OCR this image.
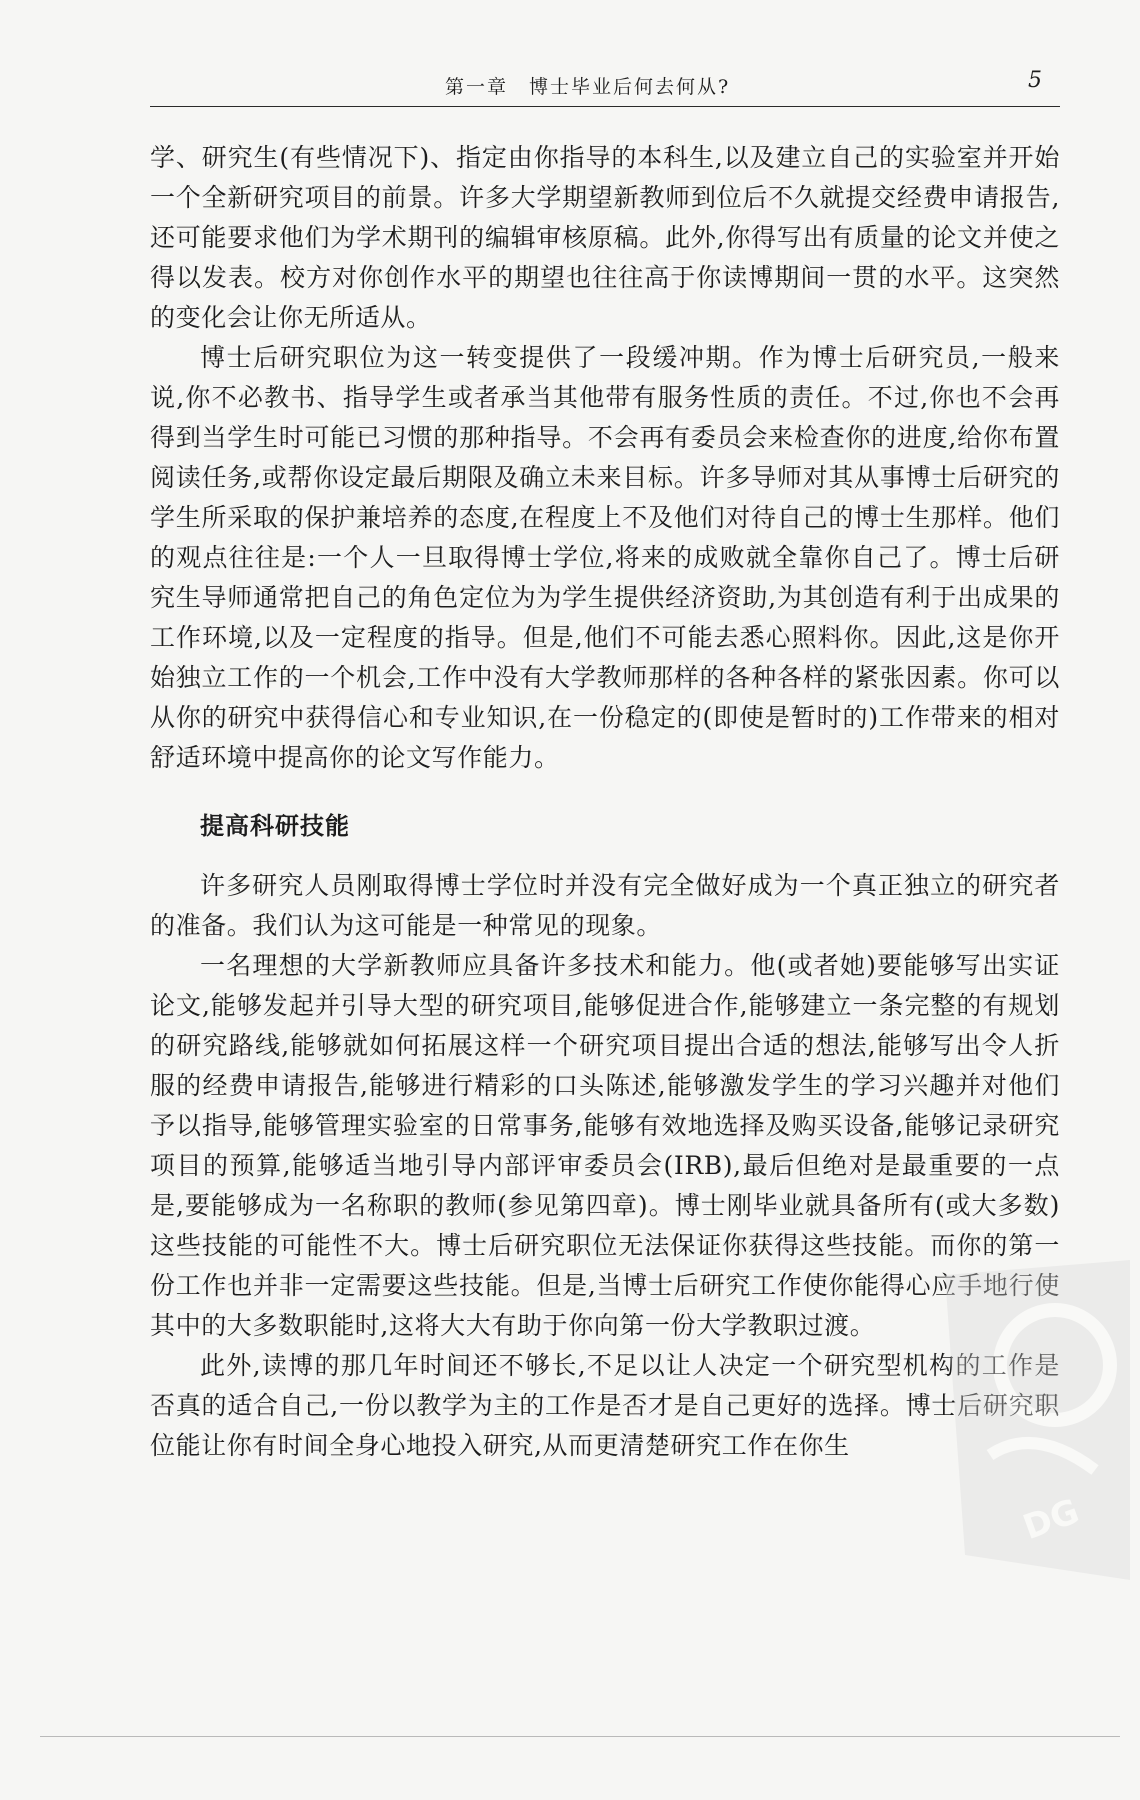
第一章　博士毕业后何去何从?	5

学、研究生(有些情况下)、指定由你指导的本科生,以及建立自己的实验室并开始一个全新研究项目的前景。许多大学期望新教师到位后不久就提交经费申请报告,还可能要求他们为学术期刊的编辑审核原稿。此外,你得写出有质量的论文并使之得以发表。校方对你创作水平的期望也往往高于你读博期间一贯的水平。这突然的变化会让你无所适从。

博士后研究职位为这一转变提供了一段缓冲期。作为博士后研究员,一般来说,你不必教书、指导学生或者承当其他带有服务性质的责任。不过,你也不会再得到当学生时可能已习惯的那种指导。不会再有委员会来检查你的进度,给你布置阅读任务,或帮你设定最后期限及确立未来目标。许多导师对其从事博士后研究的学生所采取的保护兼培养的态度,在程度上不及他们对待自己的博士生那样。他们的观点往往是:一个人一旦取得博士学位,将来的成败就全靠你自己了。博士后研究生导师通常把自己的角色定位为为学生提供经济资助,为其创造有利于出成果的工作环境,以及一定程度的指导。但是,他们不可能去悉心照料你。因此,这是你开始独立工作的一个机会,工作中没有大学教师那样的各种各样的紧张因素。你可以从你的研究中获得信心和专业知识,在一份稳定的(即使是暂时的)工作带来的相对舒适环境中提高你的论文写作能力。

提高科研技能

许多研究人员刚取得博士学位时并没有完全做好成为一个真正独立的研究者的准备。我们认为这可能是一种常见的现象。

一名理想的大学新教师应具备许多技术和能力。他(或者她)要能够写出实证论文,能够发起并引导大型的研究项目,能够促进合作,能够建立一条完整的有规划的研究路线,能够就如何拓展这样一个研究项目提出合适的想法,能够写出令人折服的经费申请报告,能够进行精彩的口头陈述,能够激发学生的学习兴趣并对他们予以指导,能够管理实验室的日常事务,能够有效地选择及购买设备,能够记录研究项目的预算,能够适当地引导内部评审委员会(IRB),最后但绝对是最重要的一点是,要能够成为一名称职的教师(参见第四章)。博士刚毕业就具备所有(或大多数)这些技能的可能性不大。博士后研究职位无法保证你获得这些技能。而你的第一份工作也并非一定需要这些技能。但是,当博士后研究工作使你能得心应手地行使其中的大多数职能时,这将大大有助于你向第一份大学教职过渡。

此外,读博的那几年时间还不够长,不足以让人决定一个研究型机构的工作是否真的适合自己,一份以教学为主的工作是否才是自己更好的选择。博士后研究职位能让你有时间全身心地投入研究,从而更清楚研究工作在你生

DG
